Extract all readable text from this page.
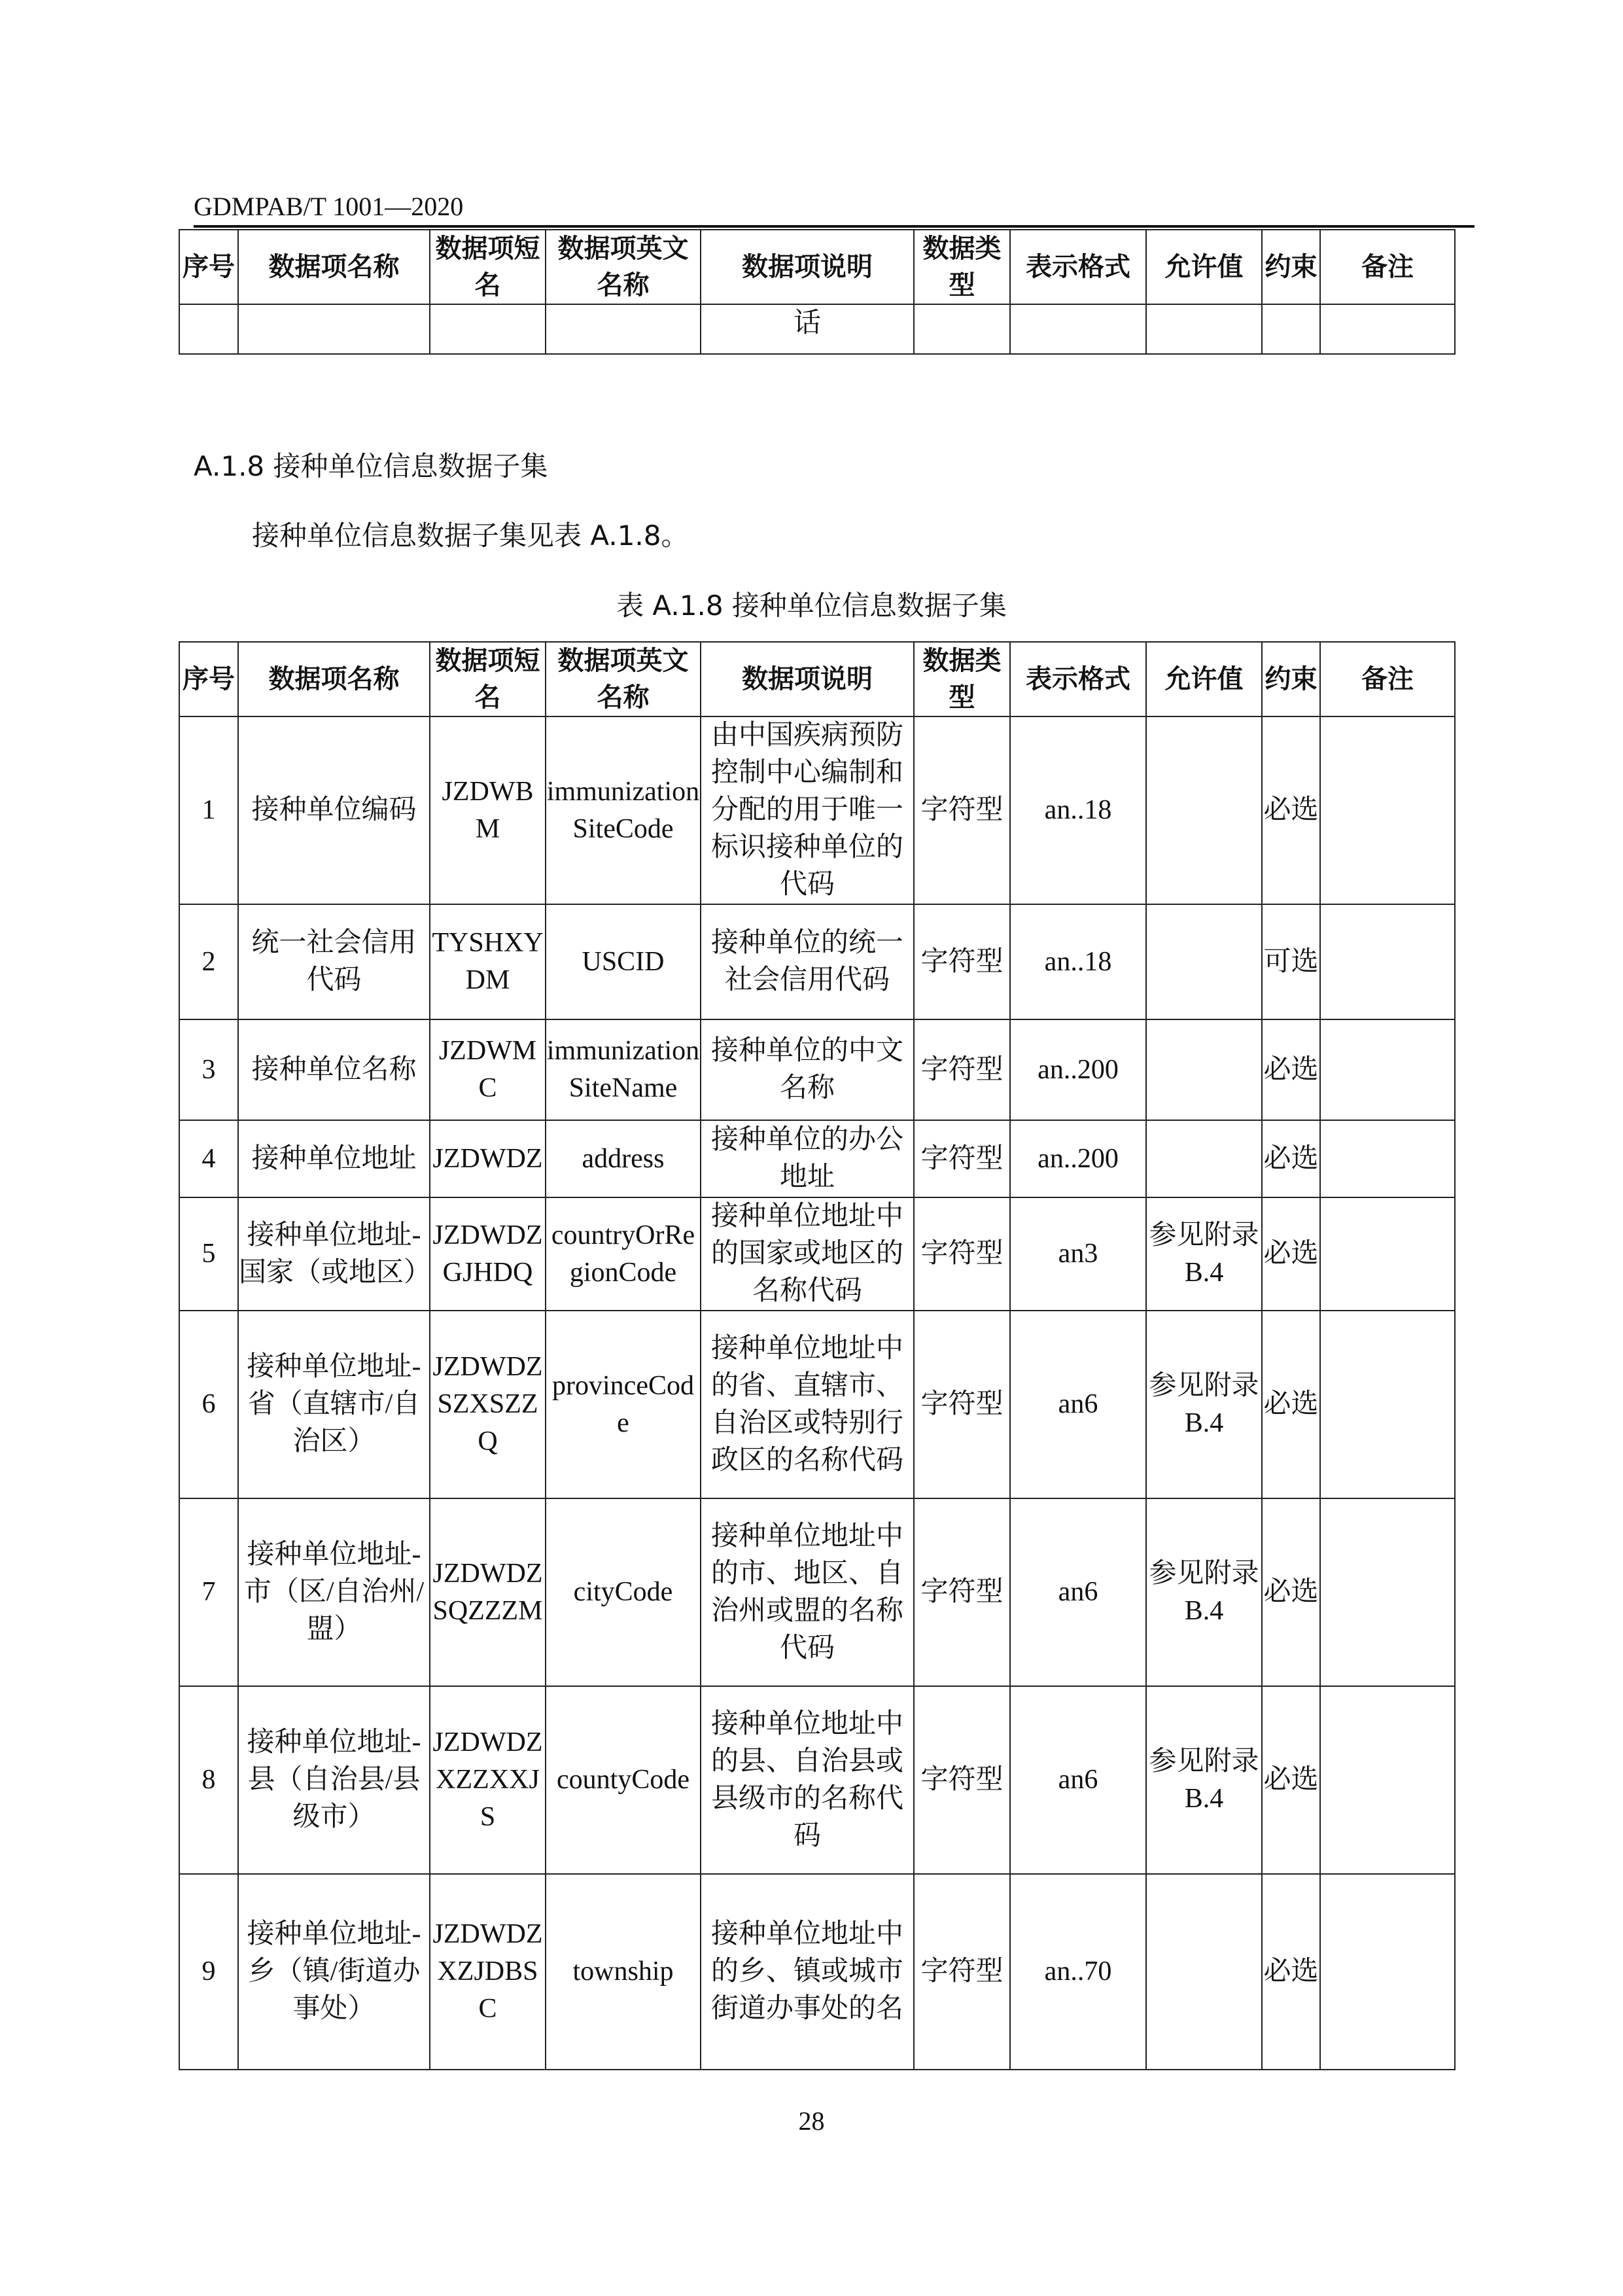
GDMPAB/T 1001—2020
序号	数据项名称	数据项短名	数据项英文名称	数据项说明	数据类型	表示格式	允许值	约束	备注
				话					
A.1.8 接种单位信息数据子集
接种单位信息数据子集见表 A.1.8。
表 A.1.8 接种单位信息数据子集
序号	数据项名称	数据项短名	数据项英文名称	数据项说明	数据类型	表示格式	允许值	约束	备注
1	接种单位编码	JZDWBM	immunizationSiteCode	由中国疾病预防控制中心编制和分配的用于唯一标识接种单位的代码	字符型	an..18		必选	
2	统一社会信用代码	TYSHXYDM	USCID	接种单位的统一社会信用代码	字符型	an..18		可选	
3	接种单位名称	JZDWMC	immunizationSiteName	接种单位的中文名称	字符型	an..200		必选	
4	接种单位地址	JZDWDZ	address	接种单位的办公地址	字符型	an..200		必选	
5	接种单位地址-国家（或地区）	JZDWDZGJHDQ	countryOrRegionCode	接种单位地址中的国家或地区的名称代码	字符型	an3	参见附录 B.4	必选	
6	接种单位地址-省（直辖市/自治区）	JZDWDZSZXSZZQ	provinceCode	接种单位地址中的省、直辖市、自治区或特别行政区的名称代码	字符型	an6	参见附录 B.4	必选	
7	接种单位地址-市（区/自治州/盟）	JZDWDZSQZZZM	cityCode	接种单位地址中的市、地区、自治州或盟的名称代码	字符型	an6	参见附录 B.4	必选	
8	接种单位地址-县（自治县/县级市）	JZDWDZXZZXXJS	countyCode	接种单位地址中的县、自治县或县级市的名称代码	字符型	an6	参见附录 B.4	必选	
9	接种单位地址-乡（镇/街道办事处）	JZDWDZXZJDBSC	township	接种单位地址中的乡、镇或城市街道办事处的名	字符型	an..70		必选	
28
